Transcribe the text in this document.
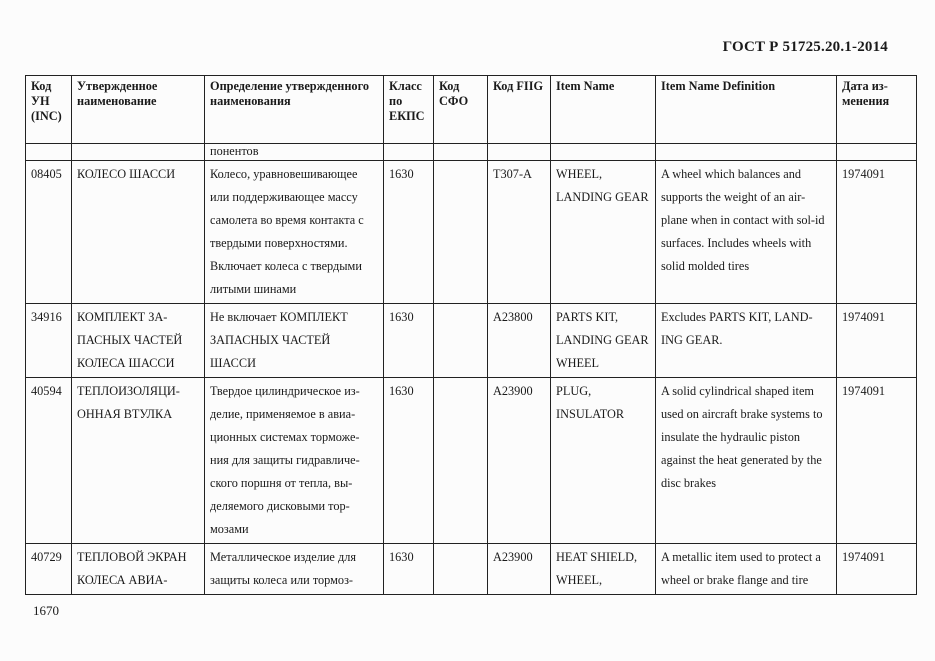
ГОСТ Р 51725.20.1-2014
Код УН (INC)	Утвержденное наименование	Определение утвержденного наименования	Класс по ЕКПС	Код СФО	Код FIIG	Item Name	Item Name Definition	Дата из-менения
		понентов						
08405	КОЛЕСО ШАССИ	Колесо, уравновешивающее или поддерживающее массу самолета во время контакта с твердыми поверхностями. Включает колеса с твердыми литыми шинами	1630		T307-A	WHEEL, LANDING GEAR	A wheel which balances and supports the weight of an air-plane when in contact with sol-id surfaces. Includes wheels with solid molded tires	1974091
34916	КОМПЛЕКТ ЗА-ПАСНЫХ ЧАСТЕЙ КОЛЕСА ШАССИ	Не включает КОМПЛЕКТ ЗАПАСНЫХ ЧАСТЕЙ ШАССИ	1630		A23800	PARTS KIT, LANDING GEAR WHEEL	Excludes PARTS KIT, LAND-ING GEAR.	1974091
40594	ТЕПЛОИЗОЛЯЦИ-ОННАЯ ВТУЛКА	Твердое цилиндрическое из-делие, применяемое в авиа-ционных системах торможе-ния для защиты гидравличе-ского поршня от тепла, вы-деляемого дисковыми тор-мозами	1630		A23900	PLUG, INSULATOR	A solid cylindrical shaped item used on aircraft brake systems to insulate the hydraulic piston against the heat generated by the disc brakes	1974091
40729	ТЕПЛОВОЙ ЭКРАН КОЛЕСА АВИА-	Металлическое изделие для защиты колеса или тормоз-	1630		A23900	HEAT SHIELD, WHEEL,	A metallic item used to protect a wheel or brake flange and tire	1974091
1670
